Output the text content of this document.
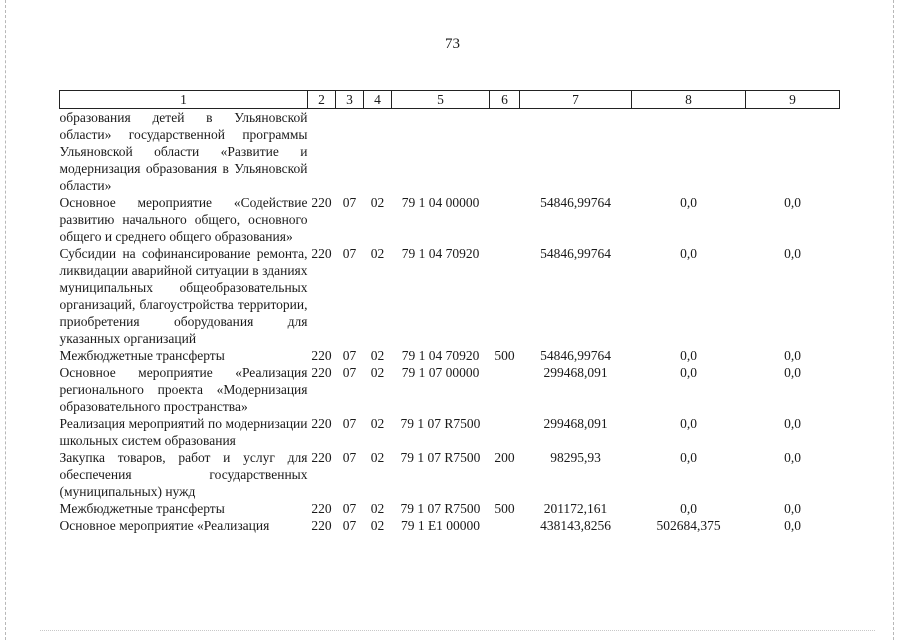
73
1	2	3	4	5	6	7	8	9
образования детей в Ульяновской области» государственной программы Ульяновской области «Развитие и модернизация образования в Ульяновской области»								
Основное мероприятие «Содействие развитию начального общего, основного общего и среднего общего образования»	220	07	02	79 1 04 00000		54846,99764	0,0	0,0
Субсидии на софинансирование ремонта, ликвидации аварийной ситуации в зданиях муниципальных общеобразовательных организаций, благоустройства территории, приобретения оборудования для указанных организаций	220	07	02	79 1 04 70920		54846,99764	0,0	0,0
Межбюджетные трансферты	220	07	02	79 1 04 70920	500	54846,99764	0,0	0,0
Основное мероприятие «Реализация регионального проекта «Модернизация образовательного пространства»	220	07	02	79 1 07 00000		299468,091	0,0	0,0
Реализация мероприятий по модернизации школьных систем образования	220	07	02	79 1 07 R7500		299468,091	0,0	0,0
Закупка товаров, работ и услуг для обеспечения государственных (муниципальных) нужд	220	07	02	79 1 07 R7500	200	98295,93	0,0	0,0
Межбюджетные трансферты	220	07	02	79 1 07 R7500	500	201172,161	0,0	0,0
Основное мероприятие «Реализация	220	07	02	79 1 E1 00000		438143,8256	502684,375	0,0
